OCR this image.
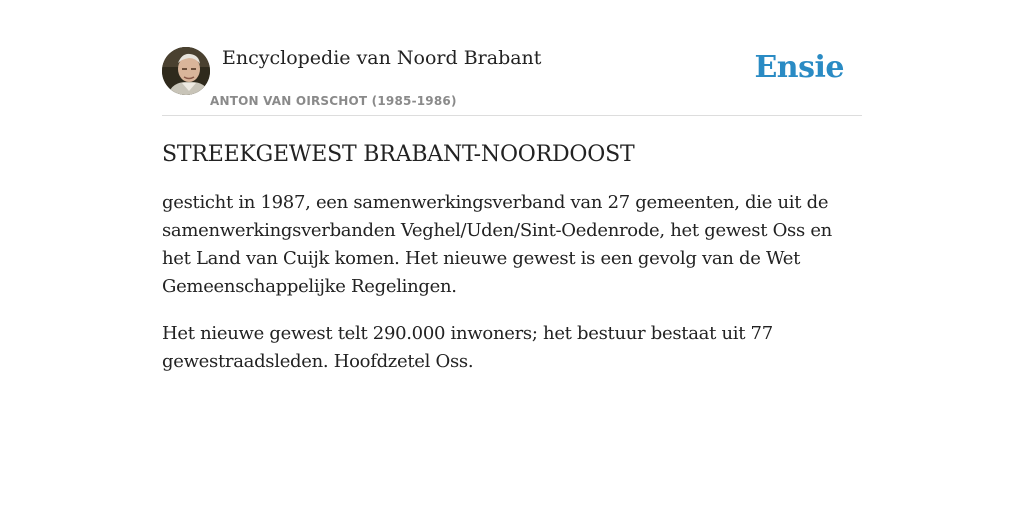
Encyclopedie van Noord Brabant
ANTON VAN OIRSCHOT (1985-1986)
Ensie
STREEKGEWEST BRABANT-NOORDOOST

gesticht in 1987, een samenwerkingsverband van 27 gemeenten, die uit de samenwerkingsverbanden Veghel/Uden/Sint-Oedenrode, het gewest Oss en het Land van Cuijk komen. Het nieuwe gewest is een gevolg van de Wet Gemeenschappelijke Regelingen.

Het nieuwe gewest telt 290.000 inwoners; het bestuur bestaat uit 77 gewestraadsleden. Hoofdzetel Oss.
